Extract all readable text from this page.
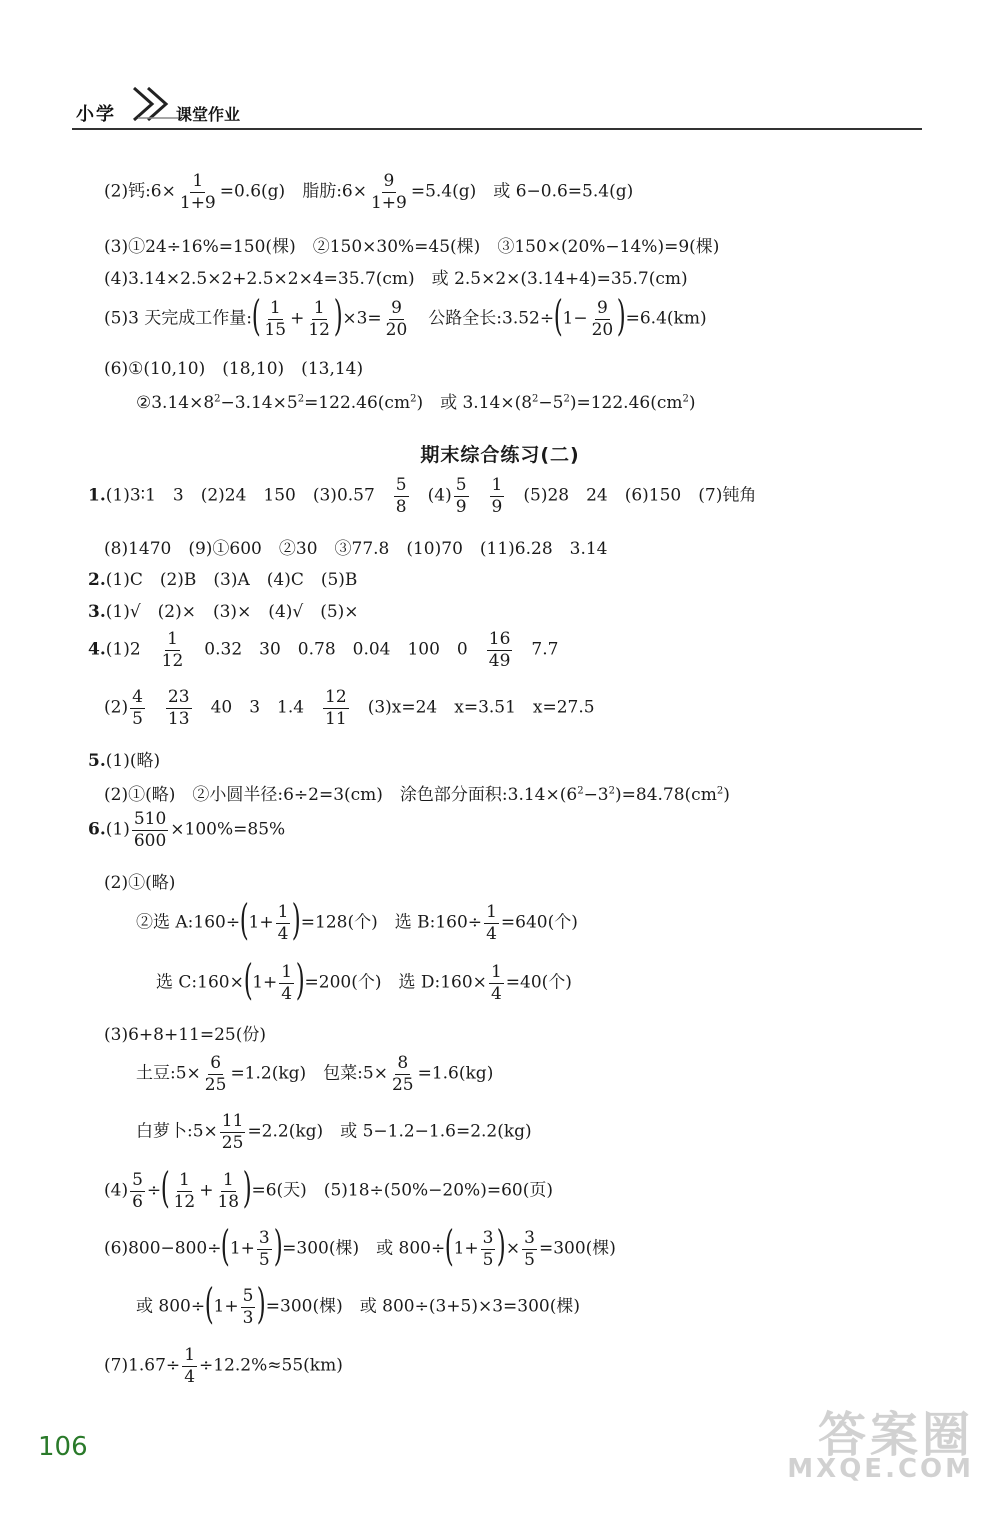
小学	课堂作业
(2)钙:6× $\frac{1}{1+9} =0.6(g)$　脂肪:6× $\frac{9}{1+9} =5.4(g)$　或 6−0.6=5.4(g)
(3)①24÷16%=150(棵)　②150×30%=45(棵)　③150×(20%−14%)=9(棵)
(4)3.14×2.5×2+2.5×2×4=35.7(cm)　或 2.5×2×(3.14+4)=35.7(cm)
(5)3 天完成工作量:( $\frac{1}{15} + \frac{1}{12} )\times 3= \frac{9}{20}$ 　公路全长:3.52÷(1− $\frac{9}{20} )=6.4(km)$
(6)①(10,10)　(18,10)　(13,14)
$②3.14\times 8^2-3.14\times 5^2=122.46(cm^2)$　或 $3.14\times(8^2-5^2)=122.46(cm^2)$
期末综合练习(二)
1.(1)3∶1　3　(2)24　150　(3)0.57　 $\frac{5}{8}$
　 $(4) \frac{5}{9}$
　 $\frac{1}{9}$
　 (5)28　24　(6)150　(7)钝角
(8)1470　(9)①600　②30　③77.8　(10)70　(11)6.28　3.14
2.(1)C　(2)B　(3)A　(4)C　(5)B
3.(1)√　(2)×　(3)×　(4)√　(5)×
4.(1)2　 $\frac{1}{12}$
　 0.32　30　0.78　0.04　100　0　 $\frac{16}{49}$
　 7.7
$(2) \frac{4}{5}$
　 $\frac{23}{13}$
　 40　3　1.4　 $\frac{12}{11}$
　 (3)x=24　x=3.51　x=27.5
5.(1)(略)
(2)①(略)　②小圆半径:6÷2=3(cm)　涂色部分面积$:3.14\times(6^2-3^2)=84.78(cm^2)$
$6.(1) \frac{510}{600} \times 100\%=85\%$
(2)①(略)
②选 A:160÷(1+ $\frac{1}{4} )=128$(个)　选 B:160÷ $\frac{1}{4} =640$(个)
选 C:160×(1+ $\frac{1}{4} )=200$(个)　选 D:160× $\frac{1}{4} =40$(个)
(3)6+8+11=25(份)
土豆:5× $\frac{6}{25} =1.2(kg)$　包菜:5× $\frac{8}{25} =1.6(kg)$
白萝卜:5× $\frac{11}{25} =2.2(kg)$　或 5−1.2−1.6=2.2(kg)
$(4) \frac{5}{6}$ ÷( $\frac{1}{12} + \frac{1}{18} )=6$(天)　(5)18÷(50%−20%)=60(页)
$(6)800-800\div(1+ \frac{3}{5} )=300$(棵)　或 $800\div(1+ \frac{3}{5}$ )× $\frac{3}{5} =300$(棵)
或 $800\div(1+ \frac{5}{3} )=300$(棵)　或 800÷(3+5)×3=300(棵)
$(7)1.67\div \frac{1}{4} \div 12.2\%\approx 55(km)$
106	答案圈
MXQE.COM
